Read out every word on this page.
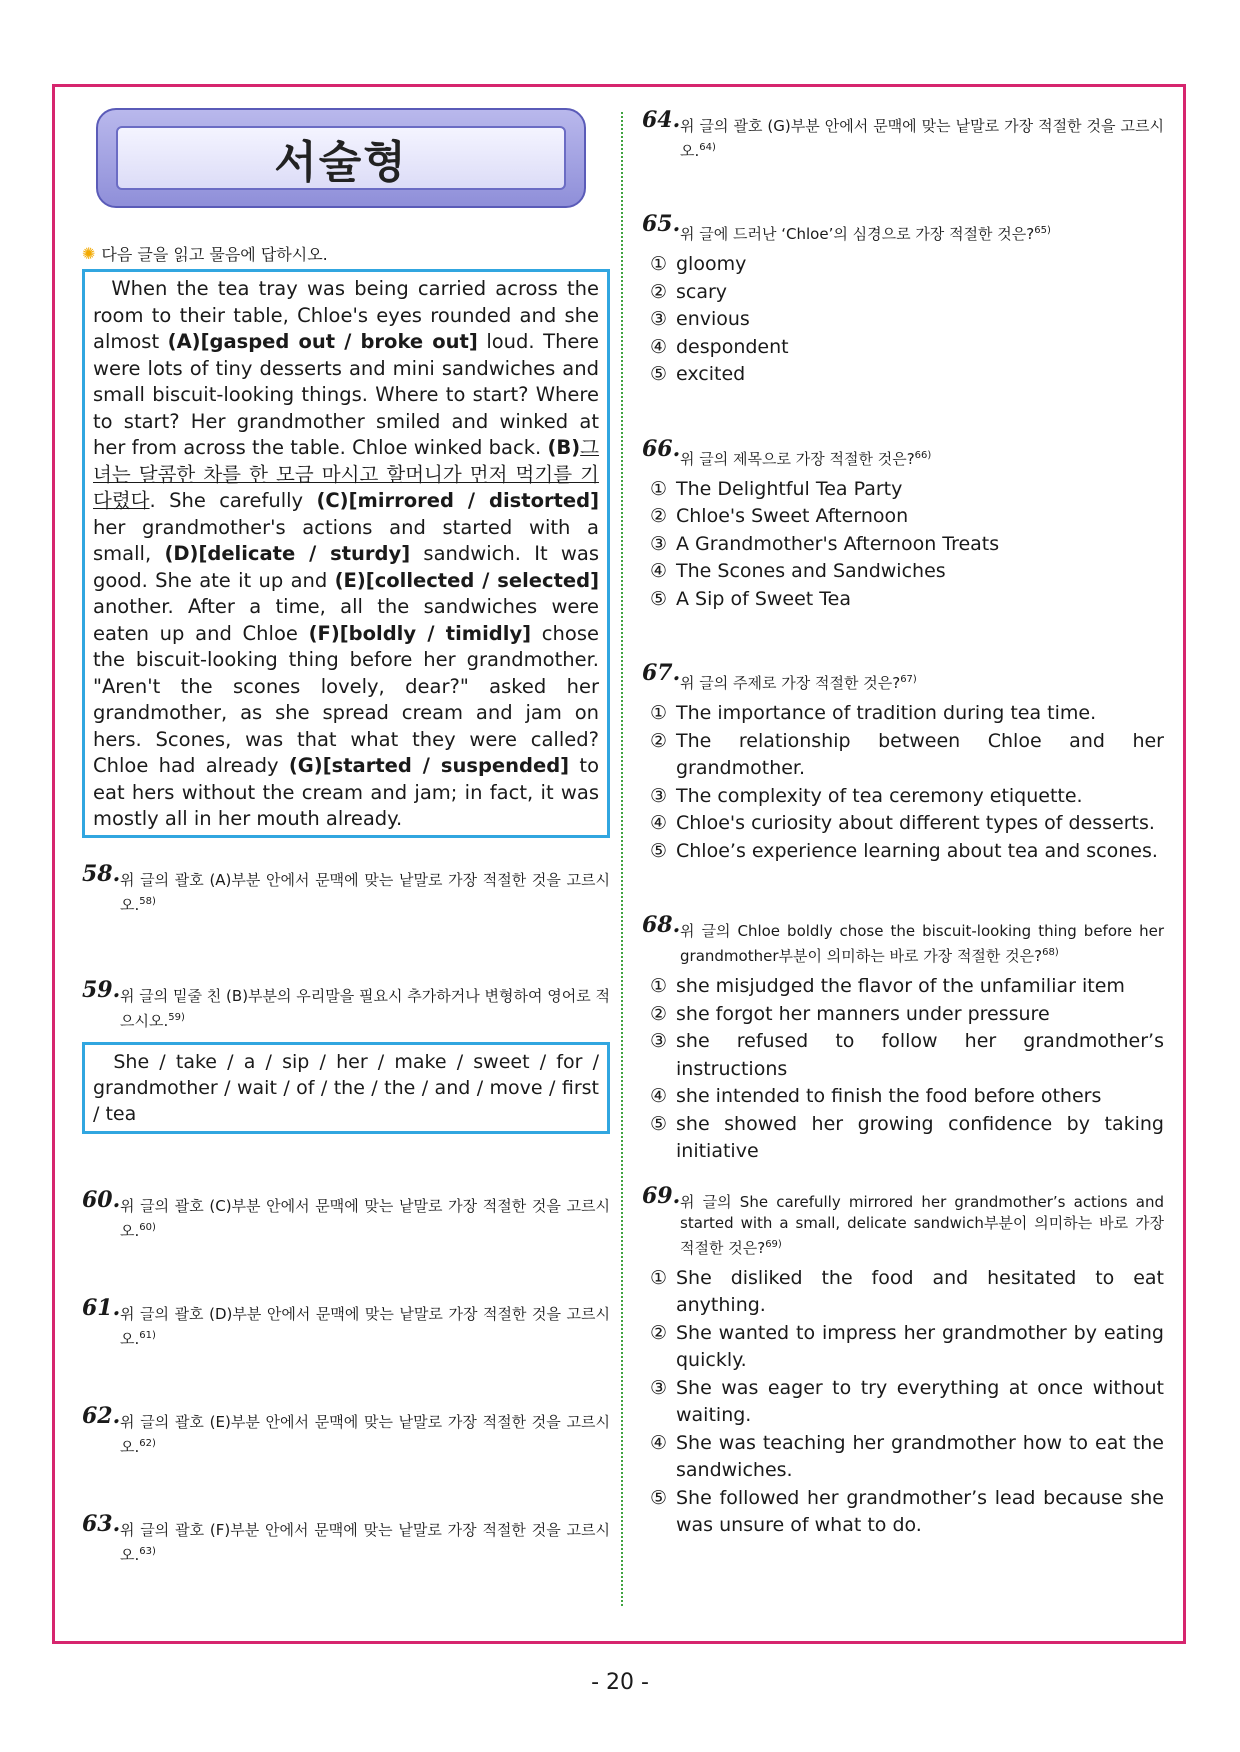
서술형
✺ 다음 글을 읽고 물음에 답하시오.
When the tea tray was being carried across the room to their table, Chloe's eyes rounded and she almost (A)[gasped out / broke out] loud. There were lots of tiny desserts and mini sandwiches and small biscuit-looking things. Where to start? Where to start? Her grandmother smiled and winked at her from across the table. Chloe winked back. (B)그녀는 달콤한 차를 한 모금 마시고 할머니가 먼저 먹기를 기다렸다. She carefully (C)[mirrored / distorted] her grandmother's actions and started with a small, (D)[delicate / sturdy] sandwich. It was good. She ate it up and (E)[collected / selected] another. After a time, all the sandwiches were eaten up and Chloe (F)[boldly / timidly] chose the biscuit-looking thing before her grandmother. "Aren't the scones lovely, dear?" asked her grandmother, as she spread cream and jam on hers. Scones, was that what they were called? Chloe had already (G)[started / suspended] to eat hers without the cream and jam; in fact, it was mostly all in her mouth already.
58. 위 글의 괄호 (A)부분 안에서 문맥에 맞는 낱말로 가장 적절한 것을 고르시오.$^{58)}$
59. 위 글의 밑줄 친 (B)부분의 우리말을 필요시 추가하거나 변형하여 영어로 적으시오.$^{59)}$
She / take / a / sip / her / make / sweet / for / grandmother / wait / of / the / the / and / move / first / tea
60. 위 글의 괄호 (C)부분 안에서 문맥에 맞는 낱말로 가장 적절한 것을 고르시오.$^{60)}$
61. 위 글의 괄호 (D)부분 안에서 문맥에 맞는 낱말로 가장 적절한 것을 고르시오.$^{61)}$
62. 위 글의 괄호 (E)부분 안에서 문맥에 맞는 낱말로 가장 적절한 것을 고르시오.$^{62)}$
63. 위 글의 괄호 (F)부분 안에서 문맥에 맞는 낱말로 가장 적절한 것을 고르시오.$^{63)}$
64. 위 글의 괄호 (G)부분 안에서 문맥에 맞는 낱말로 가장 적절한 것을 고르시오.$^{64)}$
65. 위 글에 드러난 ‘Chloe’의 심경으로 가장 적절한 것은?$^{65)}$
① gloomy
② scary
③ envious
④ despondent
⑤ excited
66. 위 글의 제목으로 가장 적절한 것은?$^{66)}$
① The Delightful Tea Party
② Chloe's Sweet Afternoon
③ A Grandmother's Afternoon Treats
④ The Scones and Sandwiches
⑤ A Sip of Sweet Tea
67. 위 글의 주제로 가장 적절한 것은?$^{67)}$
① The importance of tradition during tea time.
② The relationship between Chloe and her grandmother.
③ The complexity of tea ceremony etiquette.
④ Chloe's curiosity about different types of desserts.
⑤ Chloe’s experience learning about tea and scones.
68. 위 글의 Chloe boldly chose the biscuit-looking thing before her grandmother부분이 의미하는 바로 가장 적절한 것은?$^{68)}$
① she misjudged the flavor of the unfamiliar item
② she forgot her manners under pressure
③ she refused to follow her grandmother’s instructions
④ she intended to finish the food before others
⑤ she showed her growing confidence by taking initiative
69. 위 글의 She carefully mirrored her grandmother’s actions and started with a small, delicate sandwich부분이 의미하는 바로 가장 적절한 것은?$^{69)}$
① She disliked the food and hesitated to eat anything.
② She wanted to impress her grandmother by eating quickly.
③ She was eager to try everything at once without waiting.
④ She was teaching her grandmother how to eat the sandwiches.
⑤ She followed her grandmother’s lead because she was unsure of what to do.
- 20 -
